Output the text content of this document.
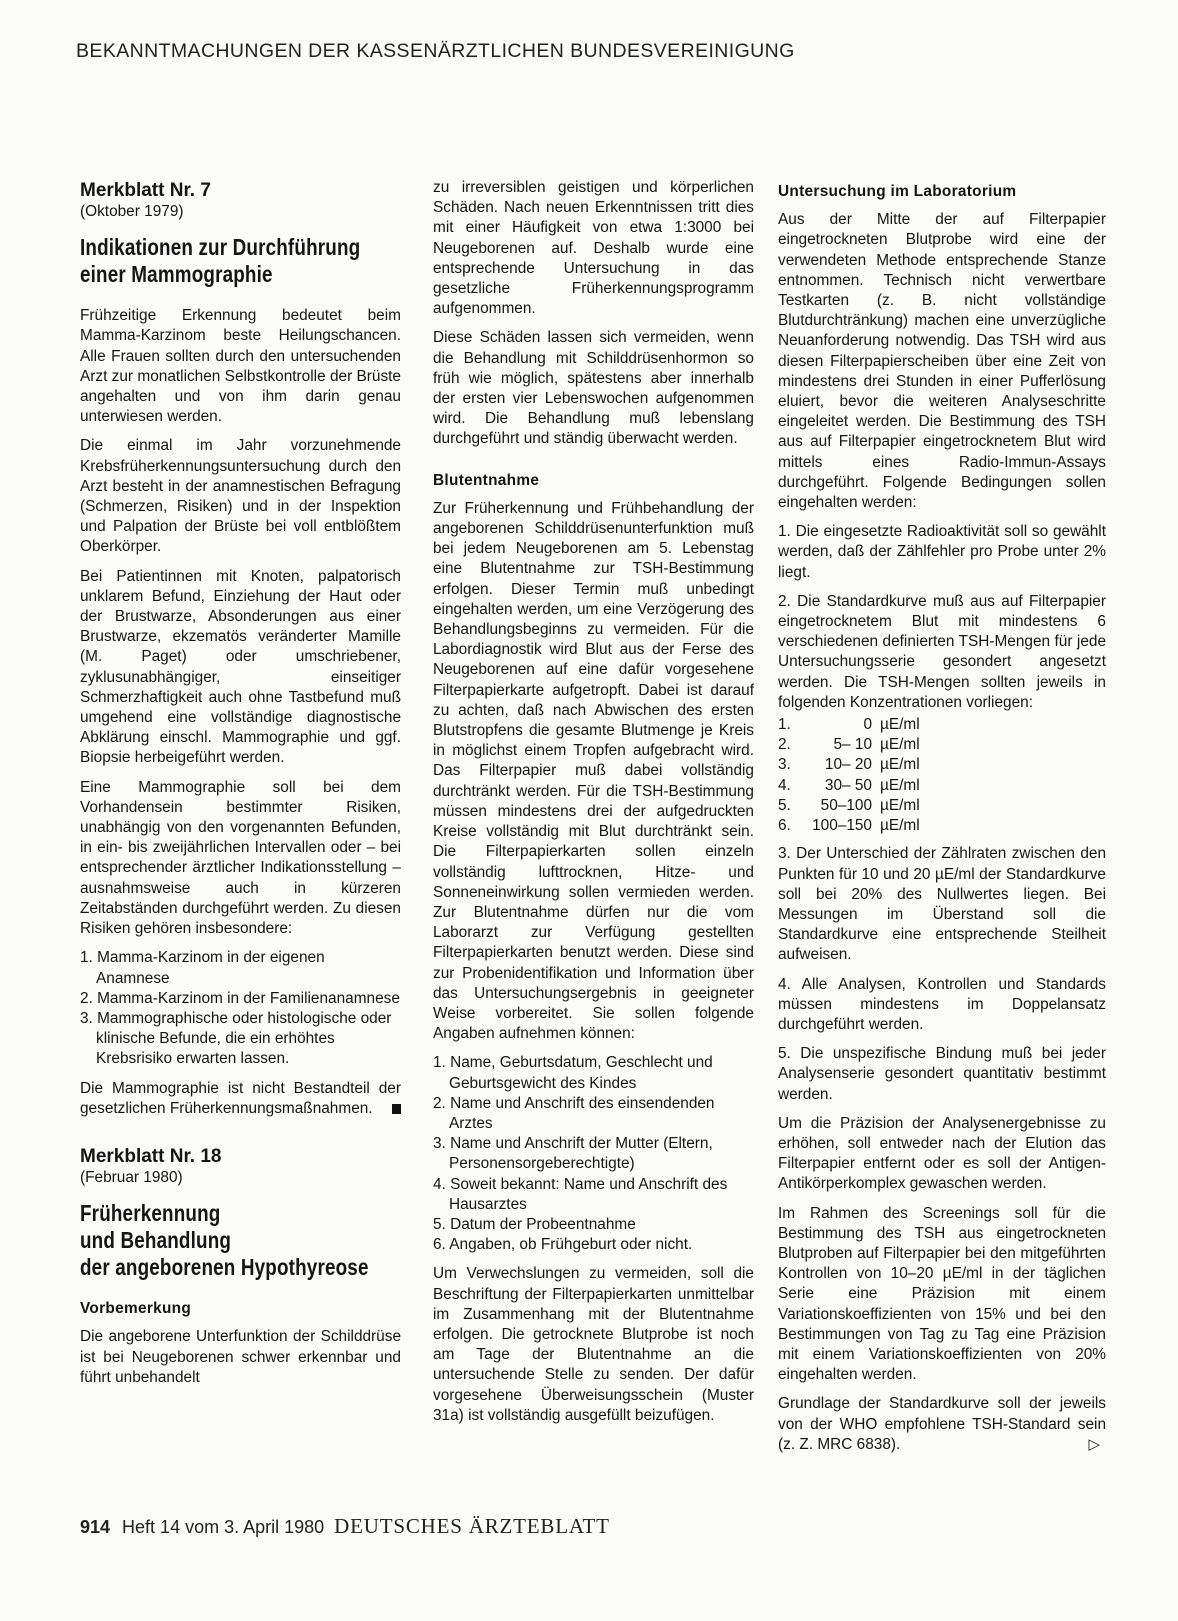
BEKANNTMACHUNGEN DER KASSENÄRZTLICHEN BUNDESVEREINIGUNG
Merkblatt Nr. 7
(Oktober 1979)
Indikationen zur Durchführung
einer Mammographie

Frühzeitige Erkennung bedeutet beim Mamma-Karzinom beste Heilungschancen. Alle Frauen sollten durch den untersuchenden Arzt zur monatlichen Selbstkontrolle der Brüste angehalten und von ihm darin genau unterwiesen werden.

Die einmal im Jahr vorzunehmende Krebsfrüherkennungsuntersuchung durch den Arzt besteht in der anamnestischen Befragung (Schmerzen, Risiken) und in der Inspektion und Palpation der Brüste bei voll entblößtem Oberkörper.

Bei Patientinnen mit Knoten, palpatorisch unklarem Befund, Einziehung der Haut oder der Brustwarze, Absonderungen aus einer Brustwarze, ekzematös veränderter Mamille (M. Paget) oder umschriebener, zyklusunabhängiger, einseitiger Schmerzhaftigkeit auch ohne Tastbefund muß umgehend eine vollständige diagnostische Abklärung einschl. Mammographie und ggf. Biopsie herbeigeführt werden.

Eine Mammographie soll bei dem Vorhandensein bestimmter Risiken, unabhängig von den vorgenannten Befunden, in ein- bis zweijährlichen Intervallen oder – bei entsprechender ärztlicher Indikationsstellung – ausnahmsweise auch in kürzeren Zeitabständen durchgeführt werden. Zu diesen Risiken gehören insbesondere:

1. Mamma-Karzinom in der eigenen Anamnese
2. Mamma-Karzinom in der Familienanamnese
3. Mammographische oder histologische oder klinische Befunde, die ein erhöhtes Krebsrisiko erwarten lassen.

Die Mammographie ist nicht Bestandteil der gesetzlichen Früherkennungsmaßnahmen.

Merkblatt Nr. 18
(Februar 1980)
Früherkennung
und Behandlung
der angeborenen Hypothyreose
Vorbemerkung

Die angeborene Unterfunktion der Schilddrüse ist bei Neugeborenen schwer erkennbar und führt unbehandelt

zu irreversiblen geistigen und körperlichen Schäden. Nach neuen Erkenntnissen tritt dies mit einer Häufigkeit von etwa 1:3000 bei Neugeborenen auf. Deshalb wurde eine entsprechende Untersuchung in das gesetzliche Früherkennungsprogramm aufgenommen.

Diese Schäden lassen sich vermeiden, wenn die Behandlung mit Schilddrüsenhormon so früh wie möglich, spätestens aber innerhalb der ersten vier Lebenswochen aufgenommen wird. Die Behandlung muß lebenslang durchgeführt und ständig überwacht werden.

Blutentnahme

Zur Früherkennung und Frühbehandlung der angeborenen Schilddrüsenunterfunktion muß bei jedem Neugeborenen am 5. Lebenstag eine Blutentnahme zur TSH-Bestimmung erfolgen. Dieser Termin muß unbedingt eingehalten werden, um eine Verzögerung des Behandlungsbeginns zu vermeiden. Für die Labordiagnostik wird Blut aus der Ferse des Neugeborenen auf eine dafür vorgesehene Filterpapierkarte aufgetropft. Dabei ist darauf zu achten, daß nach Abwischen des ersten Blutstropfens die gesamte Blutmenge je Kreis in möglichst einem Tropfen aufgebracht wird. Das Filterpapier muß dabei vollständig durchtränkt werden. Für die TSH-Bestimmung müssen mindestens drei der aufgedruckten Kreise vollständig mit Blut durchtränkt sein. Die Filterpapierkarten sollen einzeln vollständig lufttrocknen, Hitze- und Sonneneinwirkung sollen vermieden werden. Zur Blutentnahme dürfen nur die vom Laborarzt zur Verfügung gestellten Filterpapierkarten benutzt werden. Diese sind zur Probenidentifikation und Information über das Untersuchungsergebnis in geeigneter Weise vorbereitet. Sie sollen folgende Angaben aufnehmen können:

1. Name, Geburtsdatum, Geschlecht und Geburtsgewicht des Kindes
2. Name und Anschrift des einsendenden Arztes
3. Name und Anschrift der Mutter (Eltern, Personensorgeberechtigte)
4. Soweit bekannt: Name und Anschrift des Hausarztes
5. Datum der Probeentnahme
6. Angaben, ob Frühgeburt oder nicht.

Um Verwechslungen zu vermeiden, soll die Beschriftung der Filterpapierkarten unmittelbar im Zusammenhang mit der Blutentnahme erfolgen. Die getrocknete Blutprobe ist noch am Tage der Blutentnahme an die untersuchende Stelle zu senden. Der dafür vorgesehene Überweisungsschein (Muster 31a) ist vollständig ausgefüllt beizufügen.

Untersuchung im Laboratorium

Aus der Mitte der auf Filterpapier eingetrockneten Blutprobe wird eine der verwendeten Methode entsprechende Stanze entnommen. Technisch nicht verwertbare Testkarten (z. B. nicht vollständige Blutdurchtränkung) machen eine unverzügliche Neuanforderung notwendig. Das TSH wird aus diesen Filterpapierscheiben über eine Zeit von mindestens drei Stunden in einer Pufferlösung eluiert, bevor die weiteren Analyseschritte eingeleitet werden. Die Bestimmung des TSH aus auf Filterpapier eingetrocknetem Blut wird mittels eines Radio-Immun-Assays durchgeführt. Folgende Bedingungen sollen eingehalten werden:

1. Die eingesetzte Radioaktivität soll so gewählt werden, daß der Zählfehler pro Probe unter 2% liegt.

2. Die Standardkurve muß aus auf Filterpapier eingetrocknetem Blut mit mindestens 6 verschiedenen definierten TSH-Mengen für jede Untersuchungsserie gesondert angesetzt werden. Die TSH-Mengen sollten jeweils in folgenden Konzentrationen vorliegen:

1.	0	µE/ml
2.	5– 10	µE/ml
3.	10– 20	µE/ml
4.	30– 50	µE/ml
5.	50–100	µE/ml
6.	100–150	µE/ml

3. Der Unterschied der Zählraten zwischen den Punkten für 10 und 20 µE/ml der Standardkurve soll bei 20% des Nullwertes liegen. Bei Messungen im Überstand soll die Standardkurve eine entsprechende Steilheit aufweisen.

4. Alle Analysen, Kontrollen und Standards müssen mindestens im Doppelansatz durchgeführt werden.

5. Die unspezifische Bindung muß bei jeder Analysenserie gesondert quantitativ bestimmt werden.

Um die Präzision der Analysenergebnisse zu erhöhen, soll entweder nach der Elution das Filterpapier entfernt oder es soll der Antigen-Antikörperkomplex gewaschen werden.

Im Rahmen des Screenings soll für die Bestimmung des TSH aus eingetrockneten Blutproben auf Filterpapier bei den mitgeführten Kontrollen von 10–20 µE/ml in der täglichen Serie eine Präzision mit einem Variationskoeffizienten von 15% und bei den Bestimmungen von Tag zu Tag eine Präzision mit einem Variationskoeffizienten von 20% eingehalten werden.

Grundlage der Standardkurve soll der jeweils von der WHO empfohlene TSH-Standard sein (z. Z. MRC 6838).	▷

914 Heft 14 vom 3. April 1980 DEUTSCHES ÄRZTEBLATT
